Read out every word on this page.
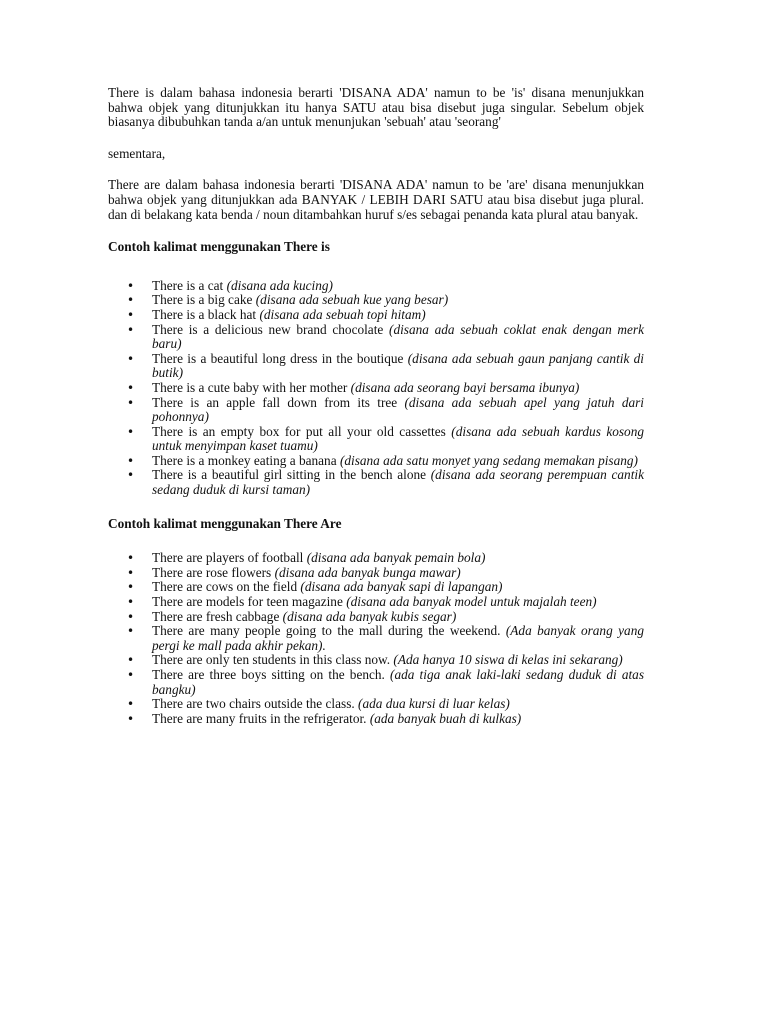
There is dalam bahasa indonesia berarti 'DISANA ADA' namun to be 'is' disana menunjukkan bahwa objek yang ditunjukkan itu hanya SATU atau bisa disebut juga singular. Sebelum objek biasanya dibubuhkan tanda a/an untuk menunjukan 'sebuah' atau 'seorang'

sementara,

There are dalam bahasa indonesia berarti 'DISANA ADA' namun to be 'are' disana menunjukkan bahwa objek yang ditunjukkan ada BANYAK / LEBIH DARI SATU atau bisa disebut juga plural. dan di belakang kata benda / noun ditambahkan huruf s/es sebagai penanda kata plural atau banyak.

Contoh kalimat menggunakan There is

• There is a cat (disana ada kucing)
• There is a big cake (disana ada sebuah kue yang besar)
• There is a black hat (disana ada sebuah topi hitam)
• There is a delicious new brand chocolate (disana ada sebuah coklat enak dengan merk baru)
• There is a beautiful long dress in the boutique (disana ada sebuah gaun panjang cantik di butik)
• There is a cute baby with her mother (disana ada seorang bayi bersama ibunya)
• There is an apple fall down from its tree (disana ada sebuah apel yang jatuh dari pohonnya)
• There is an empty box for put all your old cassettes (disana ada sebuah kardus kosong untuk menyimpan kaset tuamu)
• There is a monkey eating a banana (disana ada satu monyet yang sedang memakan pisang)
• There is a beautiful girl sitting in the bench alone (disana ada seorang perempuan cantik sedang duduk di kursi taman)

Contoh kalimat menggunakan There Are

• There are players of football (disana ada banyak pemain bola)
• There are rose flowers (disana ada banyak bunga mawar)
• There are cows on the field (disana ada banyak sapi di lapangan)
• There are models for teen magazine (disana ada banyak model untuk majalah teen)
• There are fresh cabbage (disana ada banyak kubis segar)
• There are many people going to the mall during the weekend. (Ada banyak orang yang pergi ke mall pada akhir pekan).
• There are only ten students in this class now. (Ada hanya 10 siswa di kelas ini sekarang)
• There are three boys sitting on the bench. (ada tiga anak laki-laki sedang duduk di atas bangku)
• There are two chairs outside the class. (ada dua kursi di luar kelas)
• There are many fruits in the refrigerator. (ada banyak buah di kulkas)
